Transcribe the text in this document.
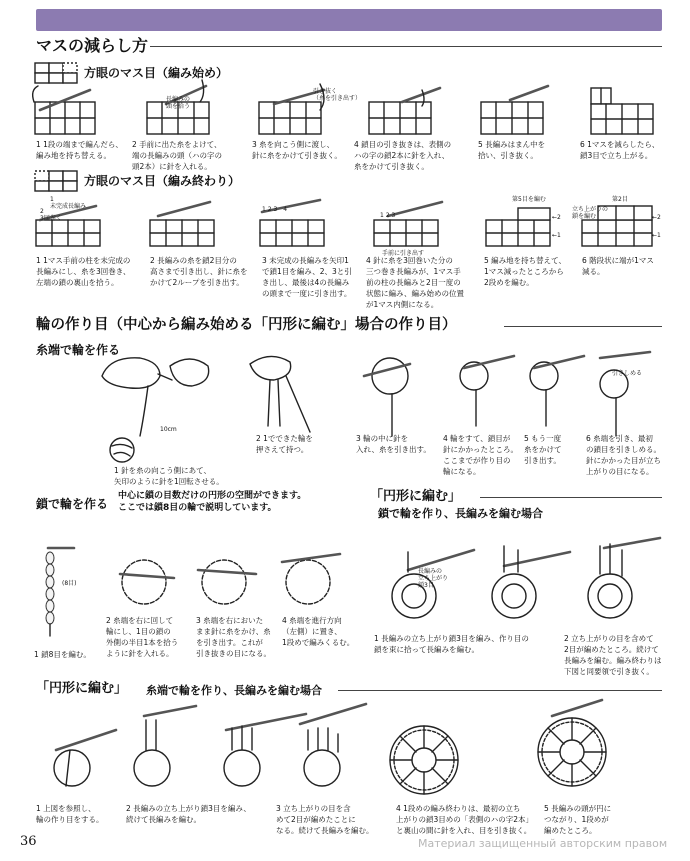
マスの減らし方
方眼のマス目（編み始め）
長編みの
頭を拾う
引き抜く
（糸を引き出す）
1 1段の端まで編んだら、
編み地を持ち替える。
2 手前に出た糸をよけて、
端の長編みの頭（ハの字の
頭2本）に針を入れる。
3 糸を向こう側に渡し、
針に糸をかけて引き抜く。
4 鎖目の引き抜きは、表側の
ハの字の鎖2本に針を入れ、
糸をかけて引き抜く。
5 長編みはまん中を
拾い、引き抜く。
6 1マスを減らしたら、
鎖3目で立ち上がる。
方眼のマス目（編み終わり）
1
未完成長編み
2
3回巻く
1 2 3　4
1 2 3
手前に引き出す
第5目を編む
立ち上がりの
鎖を編む
第2目
←2
←1
←2
←1
1 1マス手前の柱を未完成の
長編みにし、糸を3回巻き、
左端の鎖の裏山を拾う。
2 長編みの糸を鎖2目分の
高さまで引き出し、針に糸を
かけて2ループを引き出す。
3 未完成の長編みを矢印1
で鎖1目を編み、2、3と引
き出し、最後は4の長編み
の頭まで一度に引き出す。
4 針に糸を3回巻いた分の
三つ巻き長編みが、1マス手
前の柱の長編みと2目一度の
状態に編み、編み始めの位置
が1マス内側になる。
5 編み地を持ち替えて、
1マス減ったところから
2段めを編む。
6 階段状に端が1マス
減る。
輪の作り目（中心から編み始める「円形に編む」場合の作り目）
糸端で輪を作る
10cm
引きしめる
1 針を糸の向こう側にあて、
矢印のように針を1回転させる。
2 1でできた輪を
押さえて持つ。
3 輪の中に針を
入れ、糸を引き出す。
4 輪をすて、鎖目が
針にかかったところ。
ここまでが作り目の
輪になる。
5 もう一度
糸をかけて
引き出す。
6 糸端を引き、最初
の鎖目を引きしめる。
針にかかった目が立ち
上がりの目になる。
鎖で輪を作る
中心に鎖の目数だけの円形の空間ができます。
ここでは鎖8目の輪で説明しています。
(8目)
1 鎖8目を編む。
2 糸端を右に回して
輪にし、1目の鎖の
外側の半目1本を拾う
ように針を入れる。
3 糸端を右においた
まま針に糸をかけ、糸
を引き出す。これが
引き抜きの目になる。
4 糸端を進行方向
（左側）に置き、
1段めで編みくるむ。
「円形に編む」
鎖で輪を作り、長編みを編む場合
長編みの
立ち上がり
鎖3目
1 長編みの立ち上がり鎖3目を編み、作り目の
鎖を束に拾って長編みを編む。
2 立ち上がりの目を含めて
2目が編めたところ。続けて
長編みを編む。編み終わりは
下図と同要領で引き抜く。
「円形に編む」 糸端で輪を作り、長編みを編む場合
1 上図を参照し、
輪の作り目をする。
2 長編みの立ち上がり鎖3目を編み、
続けて長編みを編む。
3 立ち上がりの目を含
めて2目が編めたことに
なる。続けて長編みを編む。
4 1段めの編み終わりは、最初の立ち
上がりの鎖3目めの「表側のハの字2本」
と裏山の間に針を入れ、目を引き抜く。
5 長編みの頭が円に
つながり、1段めが
編めたところ。
36	Материал защищенный авторским правом
